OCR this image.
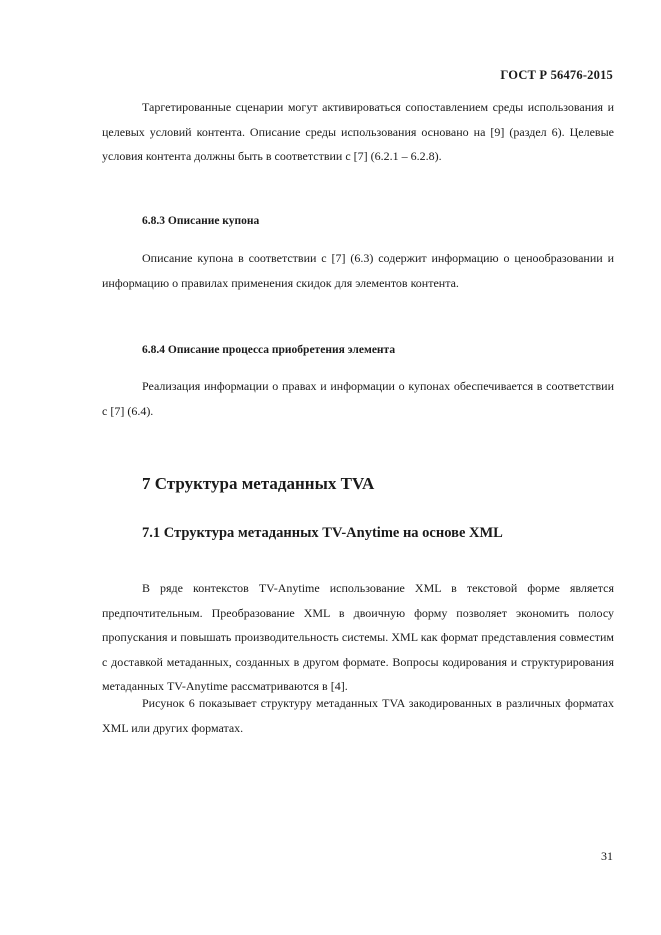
ГОСТ Р 56476-2015

Таргетированные сценарии могут активироваться сопоставлением среды использования и целевых условий контента. Описание среды использования основано на [9] (раздел 6). Целевые условия контента должны быть в соответствии с [7] (6.2.1 – 6.2.8).

6.8.3 Описание купона

Описание купона в соответствии с [7] (6.3) содержит информацию о ценообразовании и информацию о правилах применения скидок для элементов контента.

6.8.4 Описание процесса приобретения элемента

Реализация информации о правах и информации о купонах обеспечивается в соответствии с [7] (6.4).

7 Структура метаданных TVA
7.1 Структура метаданных TV-Anytime на основе XML

В ряде контекстов TV-Anytime использование XML в текстовой форме является предпочтительным. Преобразование XML в двоичную форму позволяет экономить полосу пропускания и повышать производительность системы. XML как формат представления совместим с доставкой метаданных, созданных в другом формате. Вопросы кодирования и структурирования метаданных TV-Anytime рассматриваются в [4].

Рисунок 6 показывает структуру метаданных TVA закодированных в различных форматах XML или других форматах.

31
